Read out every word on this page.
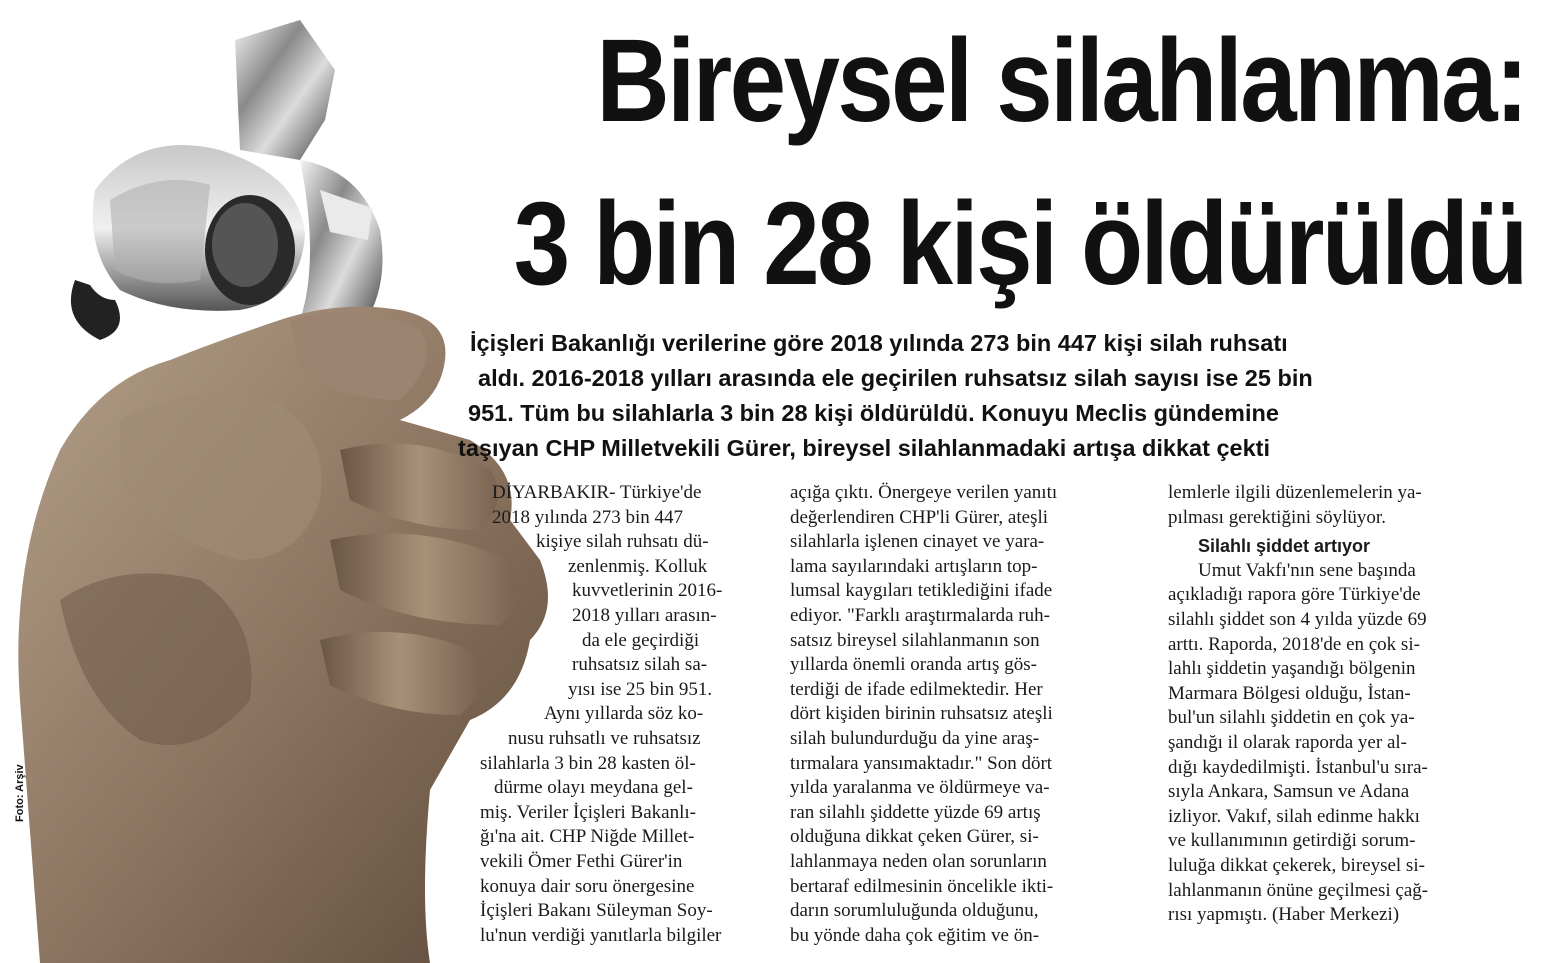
Foto: Arşiv
Bireysel silahlanma:
3 bin 28 kişi öldürüldü
İçişleri Bakanlığı verilerine göre 2018 yılında 273 bin 447 kişi silah ruhsatı
aldı. 2016-2018 yılları arasında ele geçirilen ruhsatsız silah sayısı ise 25 bin
951. Tüm bu silahlarla 3 bin 28 kişi öldürüldü. Konuyu Meclis gündemine
taşıyan CHP Milletvekili Gürer, bireysel silahlanmadaki artışa dikkat çekti
DİYARBAKIR- Türkiye'de
2018 yılında 273 bin 447
kişiye silah ruhsatı dü-
zenlenmiş. Kolluk
kuvvetlerinin 2016-
2018 yılları arasın-
da ele geçirdiği
ruhsatsız silah sa-
yısı ise 25 bin 951.
Aynı yıllarda söz ko-
nusu ruhsatlı ve ruhsatsız
silahlarla 3 bin 28 kasten öl-
dürme olayı meydana gel-
miş. Veriler İçişleri Bakanlı-
ğı'na ait. CHP Niğde Millet-
vekili Ömer Fethi Gürer'in
konuya dair soru önergesine
İçişleri Bakanı Süleyman Soy-
lu'nun verdiği yanıtlarla bilgiler
açığa çıktı. Önergeye verilen yanıtı
değerlendiren CHP'li Gürer, ateşli
silahlarla işlenen cinayet ve yara-
lama sayılarındaki artışların top-
lumsal kaygıları tetiklediğini ifade
ediyor. "Farklı araştırmalarda ruh-
satsız bireysel silahlanmanın son
yıllarda önemli oranda artış gös-
terdiği de ifade edilmektedir. Her
dört kişiden birinin ruhsatsız ateşli
silah bulundurduğu da yine araş-
tırmalara yansımaktadır." Son dört
yılda yaralanma ve öldürmeye va-
ran silahlı şiddette yüzde 69 artış
olduğuna dikkat çeken Gürer, si-
lahlanmaya neden olan sorunların
bertaraf edilmesinin öncelikle ikti-
darın sorumluluğunda olduğunu,
bu yönde daha çok eğitim ve ön-
lemlerle ilgili düzenlemelerin ya-
pılması gerektiğini söylüyor.
Silahlı şiddet artıyor
Umut Vakfı'nın sene başında
açıkladığı rapora göre Türkiye'de
silahlı şiddet son 4 yılda yüzde 69
arttı. Raporda, 2018'de en çok si-
lahlı şiddetin yaşandığı bölgenin
Marmara Bölgesi olduğu, İstan-
bul'un silahlı şiddetin en çok ya-
şandığı il olarak raporda yer al-
dığı kaydedilmişti. İstanbul'u sıra-
sıyla Ankara, Samsun ve Adana
izliyor. Vakıf, silah edinme hakkı
ve kullanımının getirdiği sorum-
luluğa dikkat çekerek, bireysel si-
lahlanmanın önüne geçilmesi çağ-
rısı yapmıştı. (Haber Merkezi)
